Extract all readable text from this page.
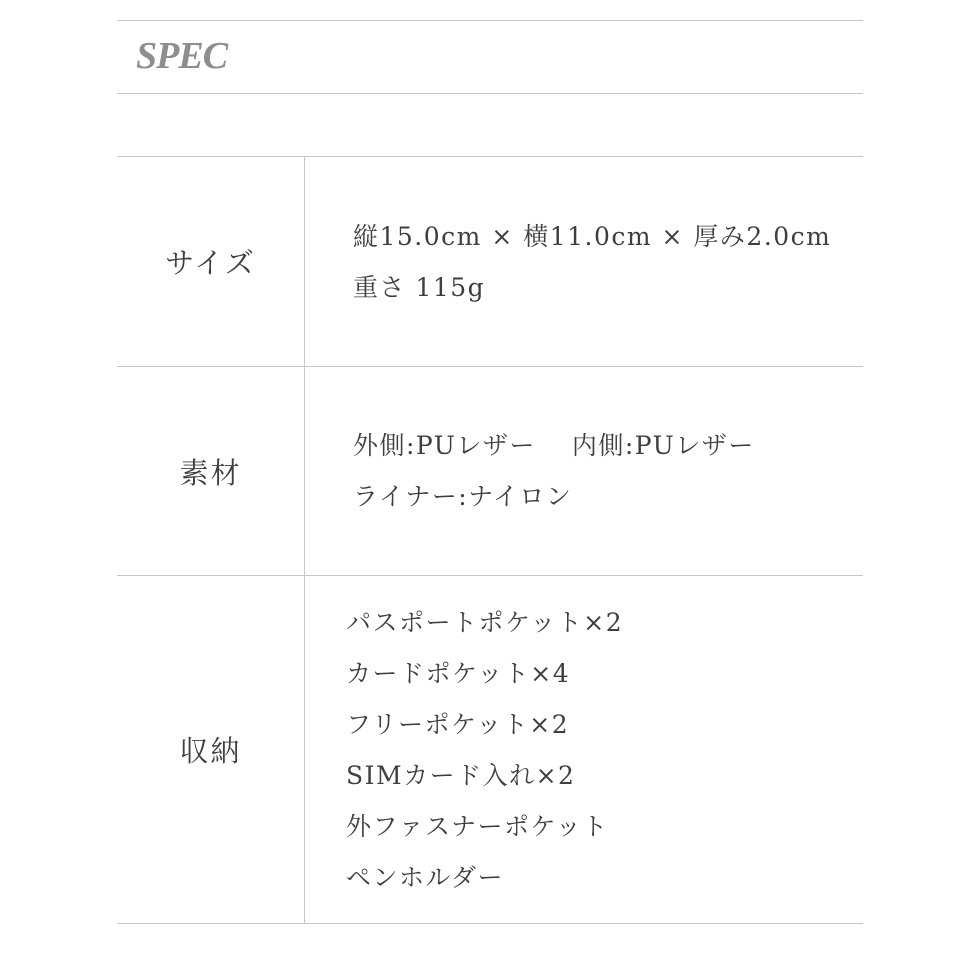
SPEC
サイズ
縦15.0cm × 横11.0cm × 厚み2.0cm
重さ 115g
素材
外側:PUレザー　 内側:PUレザー
ライナー:ナイロン
収納
パスポートポケット×2
カードポケット×4
フリーポケット×2
SIMカード入れ×2
外ファスナーポケット
ペンホルダー
